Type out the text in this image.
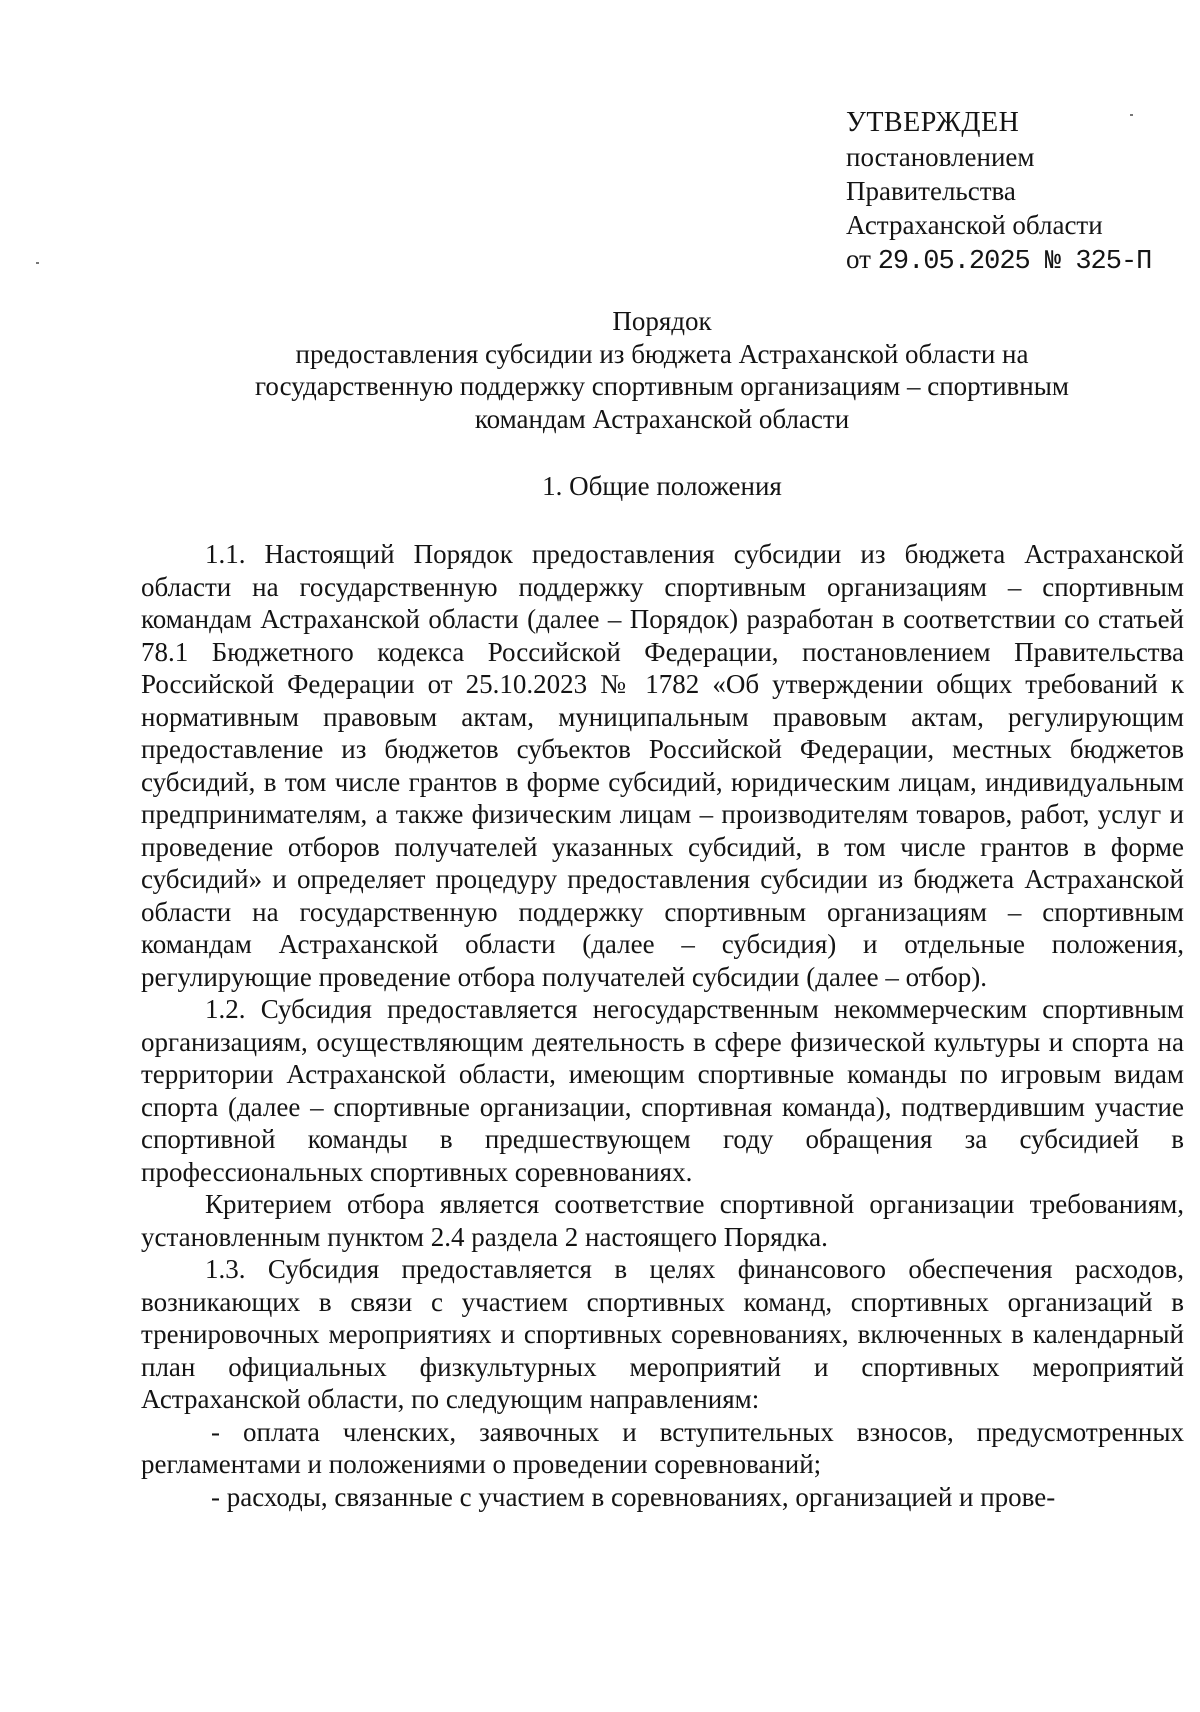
УТВЕРЖДЕН
постановлением
Правительства
Астраханской области
от 29.05.2025 № 325-П
Порядок
предоставления субсидии из бюджета Астраханской области на
государственную поддержку спортивным организациям – спортивным
командам Астраханской области
1. Общие положения

1.1. Настоящий Порядок предоставления субсидии из бюджета Астраханской области на государственную поддержку спортивным организациям – спортивным командам Астраханской области (далее – Порядок) разработан в соответствии со статьей 78.1 Бюджетного кодекса Российской Федерации, постановлением Правительства Российской Федерации от 25.10.2023 № 1782 «Об утверждении общих требований к нормативным правовым актам, муниципальным правовым актам, регулирующим предоставление из бюджетов субъектов Российской Федерации, местных бюджетов субсидий, в том числе грантов в форме субсидий, юридическим лицам, индивидуальным предпринимателям, а также физическим лицам – производителям товаров, работ, услуг и проведение отборов получателей указанных субсидий, в том числе грантов в форме субсидий» и определяет процедуру предоставления субсидии из бюджета Астраханской области на государственную поддержку спортивным организациям – спортивным командам Астраханской области (далее – субсидия) и отдельные положения, регулирующие проведение отбора получателей субсидии (далее – отбор).

1.2. Субсидия предоставляется негосударственным некоммерческим спортивным организациям, осуществляющим деятельность в сфере физической культуры и спорта на территории Астраханской области, имеющим спортивные команды по игровым видам спорта (далее – спортивные организации, спортивная команда), подтвердившим участие спортивной команды в предшествующем году обращения за субсидией в профессиональных спортивных соревнованиях.

Критерием отбора является соответствие спортивной организации требованиям, установленным пунктом 2.4 раздела 2 настоящего Порядка.

1.3. Субсидия предоставляется в целях финансового обеспечения расходов, возникающих в связи с участием спортивных команд, спортивных организаций в тренировочных мероприятиях и спортивных соревнованиях, включенных в календарный план официальных физкультурных мероприятий и спортивных мероприятий Астраханской области, по следующим направлениям:

- оплата членских, заявочных и вступительных взносов, предусмотренных регламентами и положениями о проведении соревнований;

- расходы, связанные с участием в соревнованиях, организацией и прове-
